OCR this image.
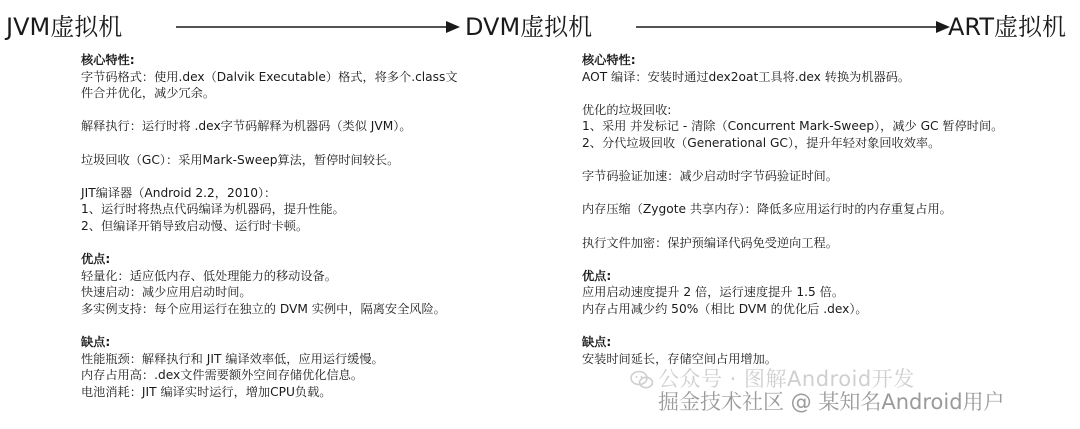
JVM虚拟机	DVM虚拟机	ART虚拟机
核心特性:
字节码格式：使用.dex（Dalvik Executable）格式，将多个.class文
件合并优化，减少冗余。
解释执行：运行时将 .dex字节码解释为机器码（类似 JVM）。
垃圾回收（GC）：采用Mark-Sweep算法，暂停时间较长。
JIT编译器（Android 2.2，2010）：
1、运行时将热点代码编译为机器码，提升性能。
2、但编译开销导致启动慢、运行时卡顿。
优点:
轻量化：适应低内存、低处理能力的移动设备。
快速启动：减少应用启动时间。
多实例支持：每个应用运行在独立的 DVM 实例中，隔离安全风险。
缺点:
性能瓶颈：解释执行和 JIT 编译效率低，应用运行缓慢。
内存占用高：.dex文件需要额外空间存储优化信息。
电池消耗：JIT 编译实时运行，增加CPU负载。
核心特性:
AOT 编译：安装时通过dex2oat工具将.dex 转换为机器码。
优化的垃圾回收:
1、采用 并发标记 - 清除（Concurrent Mark-Sweep），减少 GC 暂停时间。
2、分代垃圾回收（Generational GC），提升年轻对象回收效率。
字节码验证加速：减少启动时字节码验证时间。
内存压缩（Zygote 共享内存）：降低多应用运行时的内存重复占用。
执行文件加密：保护预编译代码免受逆向工程。
优点:
应用启动速度提升 2 倍，运行速度提升 1.5 倍。
内存占用减少约 50%（相比 DVM 的优化后 .dex）。
缺点:
安装时间延长，存储空间占用增加。
公众号 · 图解Android开发
掘金技术社区 @ 某知名Android用户
